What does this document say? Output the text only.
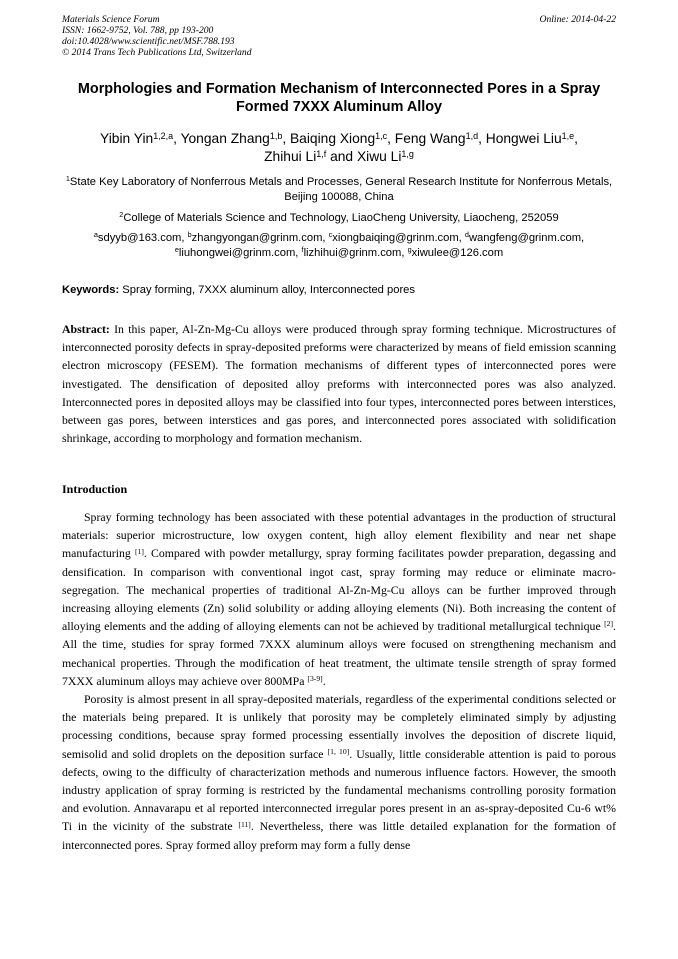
Materials Science Forum
ISSN: 1662-9752, Vol. 788, pp 193-200
doi:10.4028/www.scientific.net/MSF.788.193
© 2014 Trans Tech Publications Ltd, Switzerland
Online: 2014-04-22
Morphologies and Formation Mechanism of Interconnected Pores in a Spray Formed 7XXX Aluminum Alloy
Yibin Yin$^{1,2,a}$, Yongan Zhang$^{1,b}$, Baiqing Xiong$^{1,c}$, Feng Wang$^{1,d}$, Hongwei Liu$^{1,e}$,
Zhihui Li$^{1,f}$ and Xiwu Li$^{1,g}$
$^1$State Key Laboratory of Nonferrous Metals and Processes, General Research Institute for Nonferrous Metals, Beijing 100088, China
$^2$College of Materials Science and Technology, LiaoCheng University, Liaocheng, 252059
$^a$sdyyb@163.com, $^b$zhangyongan@grinm.com, $^c$xiongbaiqing@grinm.com, $^d$wangfeng@grinm.com,
$^e$liuhongwei@grinm.com, $^f$lizhihui@grinm.com, $^g$xiwulee@126.com
Keywords: Spray forming, 7XXX aluminum alloy, Interconnected pores
Abstract: In this paper, Al-Zn-Mg-Cu alloys were produced through spray forming technique. Microstructures of interconnected porosity defects in spray-deposited preforms were characterized by means of field emission scanning electron microscopy (FESEM). The formation mechanisms of different types of interconnected pores were investigated. The densification of deposited alloy preforms with interconnected pores was also analyzed. Interconnected pores in deposited alloys may be classified into four types, interconnected pores between interstices, between gas pores, between interstices and gas pores, and interconnected pores associated with solidification shrinkage, according to morphology and formation mechanism.
Introduction

Spray forming technology has been associated with these potential advantages in the production of structural materials: superior microstructure, low oxygen content, high alloy element flexibility and near net shape manufacturing [1]. Compared with powder metallurgy, spray forming facilitates powder preparation, degassing and densification. In comparison with conventional ingot cast, spray forming may reduce or eliminate macro-segregation. The mechanical properties of traditional Al-Zn-Mg-Cu alloys can be further improved through increasing alloying elements (Zn) solid solubility or adding alloying elements (Ni). Both increasing the content of alloying elements and the adding of alloying elements can not be achieved by traditional metallurgical technique [2]. All the time, studies for spray formed 7XXX aluminum alloys were focused on strengthening mechanism and mechanical properties. Through the modification of heat treatment, the ultimate tensile strength of spray formed 7XXX aluminum alloys may achieve over 800MPa [3-9].

Porosity is almost present in all spray-deposited materials, regardless of the experimental conditions selected or the materials being prepared. It is unlikely that porosity may be completely eliminated simply by adjusting processing conditions, because spray formed processing essentially involves the deposition of discrete liquid, semisolid and solid droplets on the deposition surface [1, 10]. Usually, little considerable attention is paid to porous defects, owing to the difficulty of characterization methods and numerous influence factors. However, the smooth industry application of spray forming is restricted by the fundamental mechanisms controlling porosity formation and evolution. Annavarapu et al reported interconnected irregular pores present in an as-spray-deposited Cu-6 wt% Ti in the vicinity of the substrate [11]. Nevertheless, there was little detailed explanation for the formation of interconnected pores. Spray formed alloy preform may form a fully dense
